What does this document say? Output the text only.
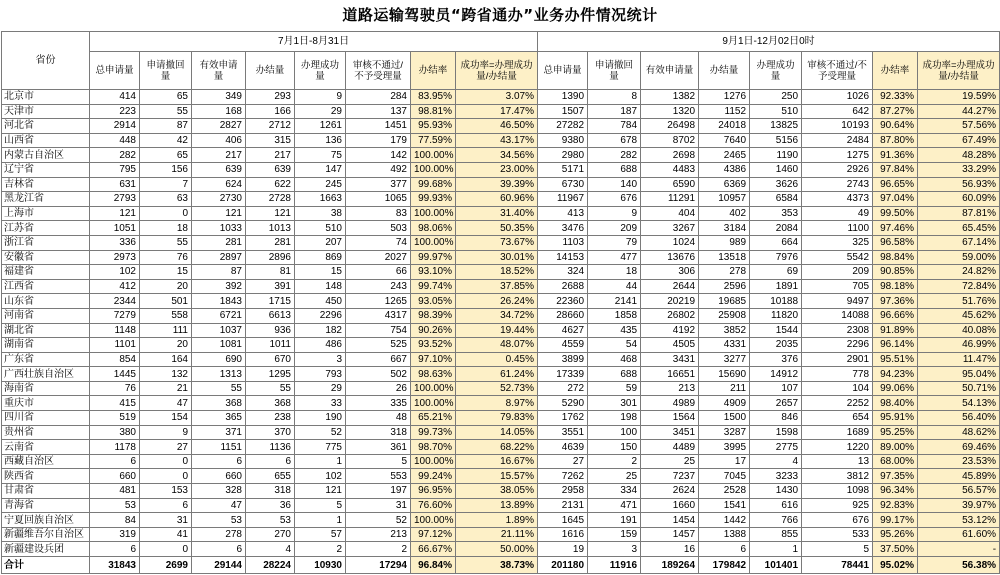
道路运输驾驶员“跨省通办”业务办件情况统计
省份	7月1日-8月31日								9月1日-12月02日0时							
	总申请量	申请撤回量	有效申请量	办结量	办理成功量	审核不通过/不予受理量	办结率	成功率=办理成功量/办结量	总申请量	申请撤回量	有效申请量	办结量	办理成功量	审核不通过/不予受理量	办结率	成功率=办理成功量/办结量
北京市	414	65	349	293	9	284	83.95%	3.07%	1390	8	1382	1276	250	1026	92.33%	19.59%
天津市	223	55	168	166	29	137	98.81%	17.47%	1507	187	1320	1152	510	642	87.27%	44.27%
河北省	2914	87	2827	2712	1261	1451	95.93%	46.50%	27282	784	26498	24018	13825	10193	90.64%	57.56%
山西省	448	42	406	315	136	179	77.59%	43.17%	9380	678	8702	7640	5156	2484	87.80%	67.49%
内蒙古自治区	282	65	217	217	75	142	100.00%	34.56%	2980	282	2698	2465	1190	1275	91.36%	48.28%
辽宁省	795	156	639	639	147	492	100.00%	23.00%	5171	688	4483	4386	1460	2926	97.84%	33.29%
吉林省	631	7	624	622	245	377	99.68%	39.39%	6730	140	6590	6369	3626	2743	96.65%	56.93%
黑龙江省	2793	63	2730	2728	1663	1065	99.93%	60.96%	11967	676	11291	10957	6584	4373	97.04%	60.09%
上海市	121	0	121	121	38	83	100.00%	31.40%	413	9	404	402	353	49	99.50%	87.81%
江苏省	1051	18	1033	1013	510	503	98.06%	50.35%	3476	209	3267	3184	2084	1100	97.46%	65.45%
浙江省	336	55	281	281	207	74	100.00%	73.67%	1103	79	1024	989	664	325	96.58%	67.14%
安徽省	2973	76	2897	2896	869	2027	99.97%	30.01%	14153	477	13676	13518	7976	5542	98.84%	59.00%
福建省	102	15	87	81	15	66	93.10%	18.52%	324	18	306	278	69	209	90.85%	24.82%
江西省	412	20	392	391	148	243	99.74%	37.85%	2688	44	2644	2596	1891	705	98.18%	72.84%
山东省	2344	501	1843	1715	450	1265	93.05%	26.24%	22360	2141	20219	19685	10188	9497	97.36%	51.76%
河南省	7279	558	6721	6613	2296	4317	98.39%	34.72%	28660	1858	26802	25908	11820	14088	96.66%	45.62%
湖北省	1148	111	1037	936	182	754	90.26%	19.44%	4627	435	4192	3852	1544	2308	91.89%	40.08%
湖南省	1101	20	1081	1011	486	525	93.52%	48.07%	4559	54	4505	4331	2035	2296	96.14%	46.99%
广东省	854	164	690	670	3	667	97.10%	0.45%	3899	468	3431	3277	376	2901	95.51%	11.47%
广西壮族自治区	1445	132	1313	1295	793	502	98.63%	61.24%	17339	688	16651	15690	14912	778	94.23%	95.04%
海南省	76	21	55	55	29	26	100.00%	52.73%	272	59	213	211	107	104	99.06%	50.71%
重庆市	415	47	368	368	33	335	100.00%	8.97%	5290	301	4989	4909	2657	2252	98.40%	54.13%
四川省	519	154	365	238	190	48	65.21%	79.83%	1762	198	1564	1500	846	654	95.91%	56.40%
贵州省	380	9	371	370	52	318	99.73%	14.05%	3551	100	3451	3287	1598	1689	95.25%	48.62%
云南省	1178	27	1151	1136	775	361	98.70%	68.22%	4639	150	4489	3995	2775	1220	89.00%	69.46%
西藏自治区	6	0	6	6	1	5	100.00%	16.67%	27	2	25	17	4	13	68.00%	23.53%
陕西省	660	0	660	655	102	553	99.24%	15.57%	7262	25	7237	7045	3233	3812	97.35%	45.89%
甘肃省	481	153	328	318	121	197	96.95%	38.05%	2958	334	2624	2528	1430	1098	96.34%	56.57%
青海省	53	6	47	36	5	31	76.60%	13.89%	2131	471	1660	1541	616	925	92.83%	39.97%
宁夏回族自治区	84	31	53	53	1	52	100.00%	1.89%	1645	191	1454	1442	766	676	99.17%	53.12%
新疆维吾尔自治区	319	41	278	270	57	213	97.12%	21.11%	1616	159	1457	1388	855	533	95.26%	61.60%
新疆建设兵团	6	0	6	4	2	2	66.67%	50.00%	19	3	16	6	1	5	37.50%	-
合计	31843	2699	29144	28224	10930	17294	96.84%	38.73%	201180	11916	189264	179842	101401	78441	95.02%	56.38%
